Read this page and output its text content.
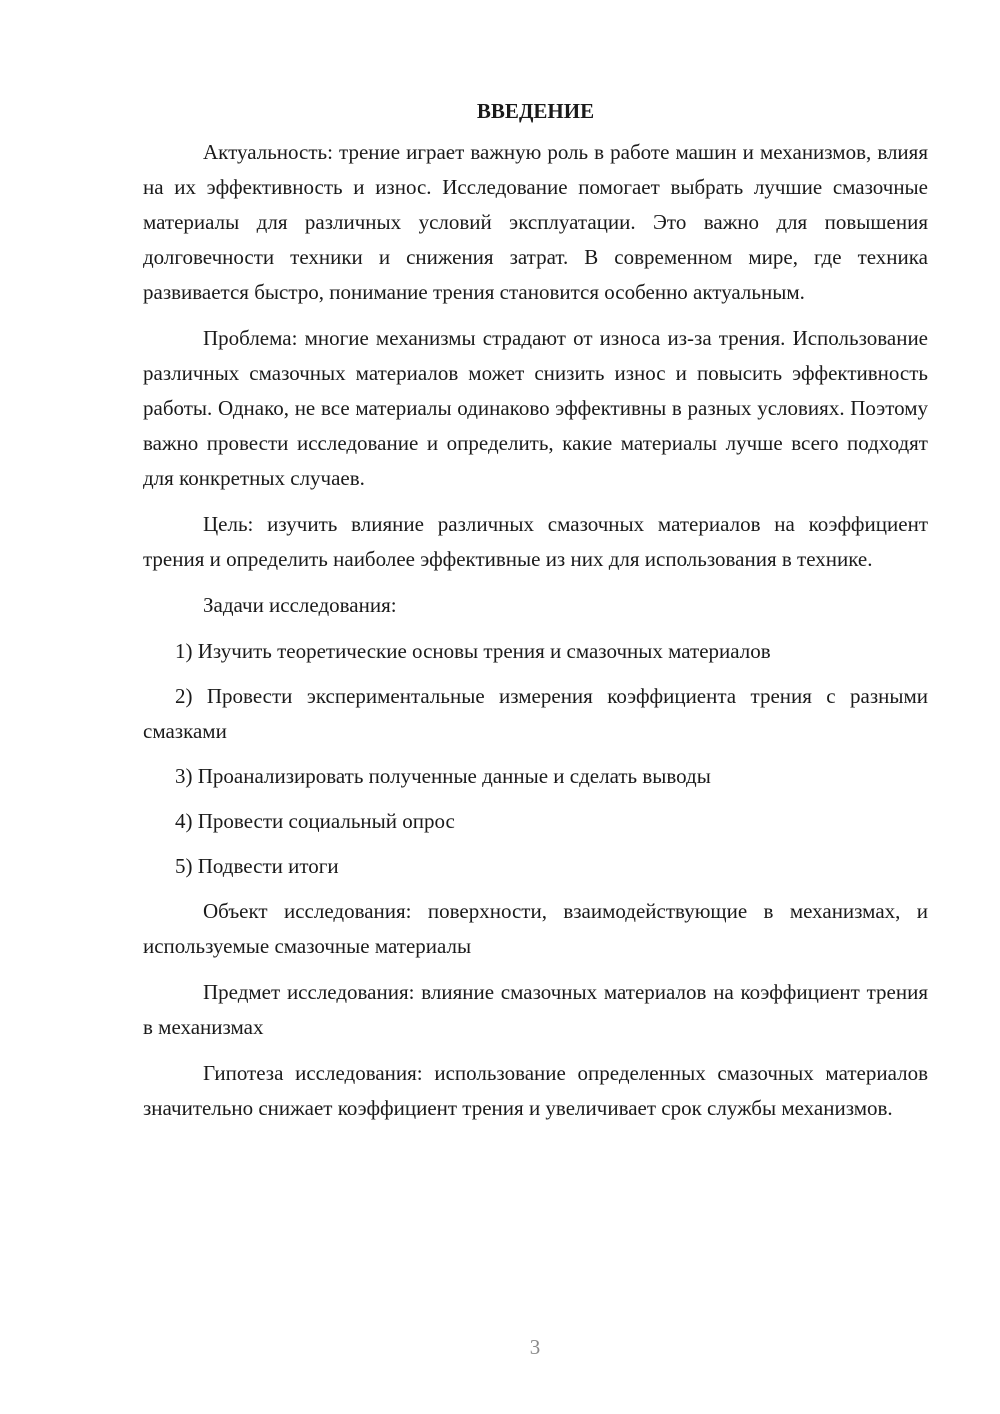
ВВЕДЕНИЕ

Актуальность: трение играет важную роль в работе машин и механизмов, влияя на их эффективность и износ. Исследование помогает выбрать лучшие смазочные материалы для различных условий эксплуатации. Это важно для повышения долговечности техники и снижения затрат. В современном мире, где техника развивается быстро, понимание трения становится особенно актуальным.

Проблема: многие механизмы страдают от износа из-за трения. Использование различных смазочных материалов может снизить износ и повысить эффективность работы. Однако, не все материалы одинаково эффективны в разных условиях. Поэтому важно провести исследование и определить, какие материалы лучше всего подходят для конкретных случаев.

Цель: изучить влияние различных смазочных материалов на коэффициент трения и определить наиболее эффективные из них для использования в технике.

Задачи исследования:

1) Изучить теоретические основы трения и смазочных материалов

2) Провести экспериментальные измерения коэффициента трения с разными смазками

3) Проанализировать полученные данные и сделать выводы

4) Провести социальный опрос

5) Подвести итоги

Объект исследования: поверхности, взаимодействующие в механизмах, и используемые смазочные материалы

Предмет исследования: влияние смазочных материалов на коэффициент трения в механизмах

Гипотеза исследования: использование определенных смазочных материалов значительно снижает коэффициент трения и увеличивает срок службы механизмов.

3
